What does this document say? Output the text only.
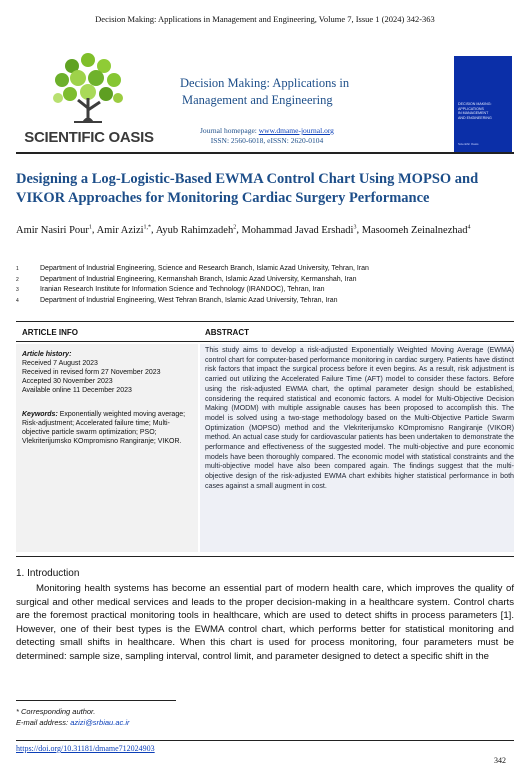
Decision Making: Applications in Management and Engineering, Volume 7, Issue 1 (2024) 342-363
SCIENTIFIC OASIS
Decision Making: Applications in
Management and Engineering
Journal homepage: www.dmame-journal.org
ISSN: 2560-6018, eISSN: 2620-0104
DECISION MAKING:
APPLICATIONS
IN MANAGEMENT
AND ENGINEERING
Scientific Oasis
Designing a Log-Logistic-Based EWMA Control Chart Using MOPSO and VIKOR Approaches for Monitoring Cardiac Surgery Performance
Amir Nasiri Pour$^1$, Amir Azizi$^{1,*}$, Ayub Rahimzadeh$^2$, Mohammad Javad Ershadi$^3$, Masoomeh Zeinalnezhad$^4$
1	Department of Industrial Engineering, Science and Research Branch, Islamic Azad University, Tehran, Iran
2	Department of Industrial Engineering, Kermanshah Branch, Islamic Azad University, Kermanshah, Iran
3	Iranian Research Institute for Information Science and Technology (IRANDOC), Tehran, Iran
4	Department of Industrial Engineering, West Tehran Branch, Islamic Azad University, Tehran, Iran
ARTICLE INFO	ABSTRACT
Article history:
Received 7 August 2023
Received in revised form 27 November 2023
Accepted 30 November 2023
Available online 11 December 2023
Keywords: Exponentially weighted moving average; Risk-adjustment; Accelerated failure time; Multi-objective particle swarm optimization; PSO; Vlekriterijumsko KOmpromisno Rangiranje; VIKOR.
This study aims to develop a risk-adjusted Exponentially Weighted Moving Average (EWMA) control chart for computer-based performance monitoring in cardiac surgery. Patients have distinct risk factors that impact the surgical process before it even begins. As a result, risk adjustment is carried out utilizing the Accelerated Failure Time (AFT) model to consider these factors. Before using the risk-adjusted EWMA chart, the optimal parameter design should be established, considering the required statistical and economic factors. A model for Multi-Objective Decision Making (MODM) with multiple assignable causes has been proposed to accomplish this. The model is solved using a two-stage methodology based on the Multi-Objective Particle Swarm Optimization (MOPSO) method and the Vlekriterijumsko KOmpromisno Rangiranje (VIKOR) method. An actual case study for cardiovascular patients has been undertaken to demonstrate the performance and effectiveness of the suggested model. The multi-objective and pure economic models have been thoroughly compared. The economic model with statistical constraints and the multi-objective model have also been compared again. The findings suggest that the multi-objective design of the risk-adjusted EWMA chart exhibits higher statistical performance in both cases against a small augment in cost.
1. Introduction
Monitoring health systems has become an essential part of modern health care, which improves the quality of surgical and other medical services and leads to the proper decision-making in a healthcare system. Control charts are the foremost practical monitoring tools in healthcare, which are used to detect shifts in process parameters [1]. However, one of their best types is the EWMA control chart, which performs better for statistical monitoring and detecting small shifts in healthcare. When this chart is used for process monitoring, four parameters must be determined: sample size, sampling interval, control limit, and parameter designed to detect a specific shift in the
* Corresponding author.
E-mail address: azizi@srbiau.ac.ir
https://doi.org/10.31181/dmame712024903
342
